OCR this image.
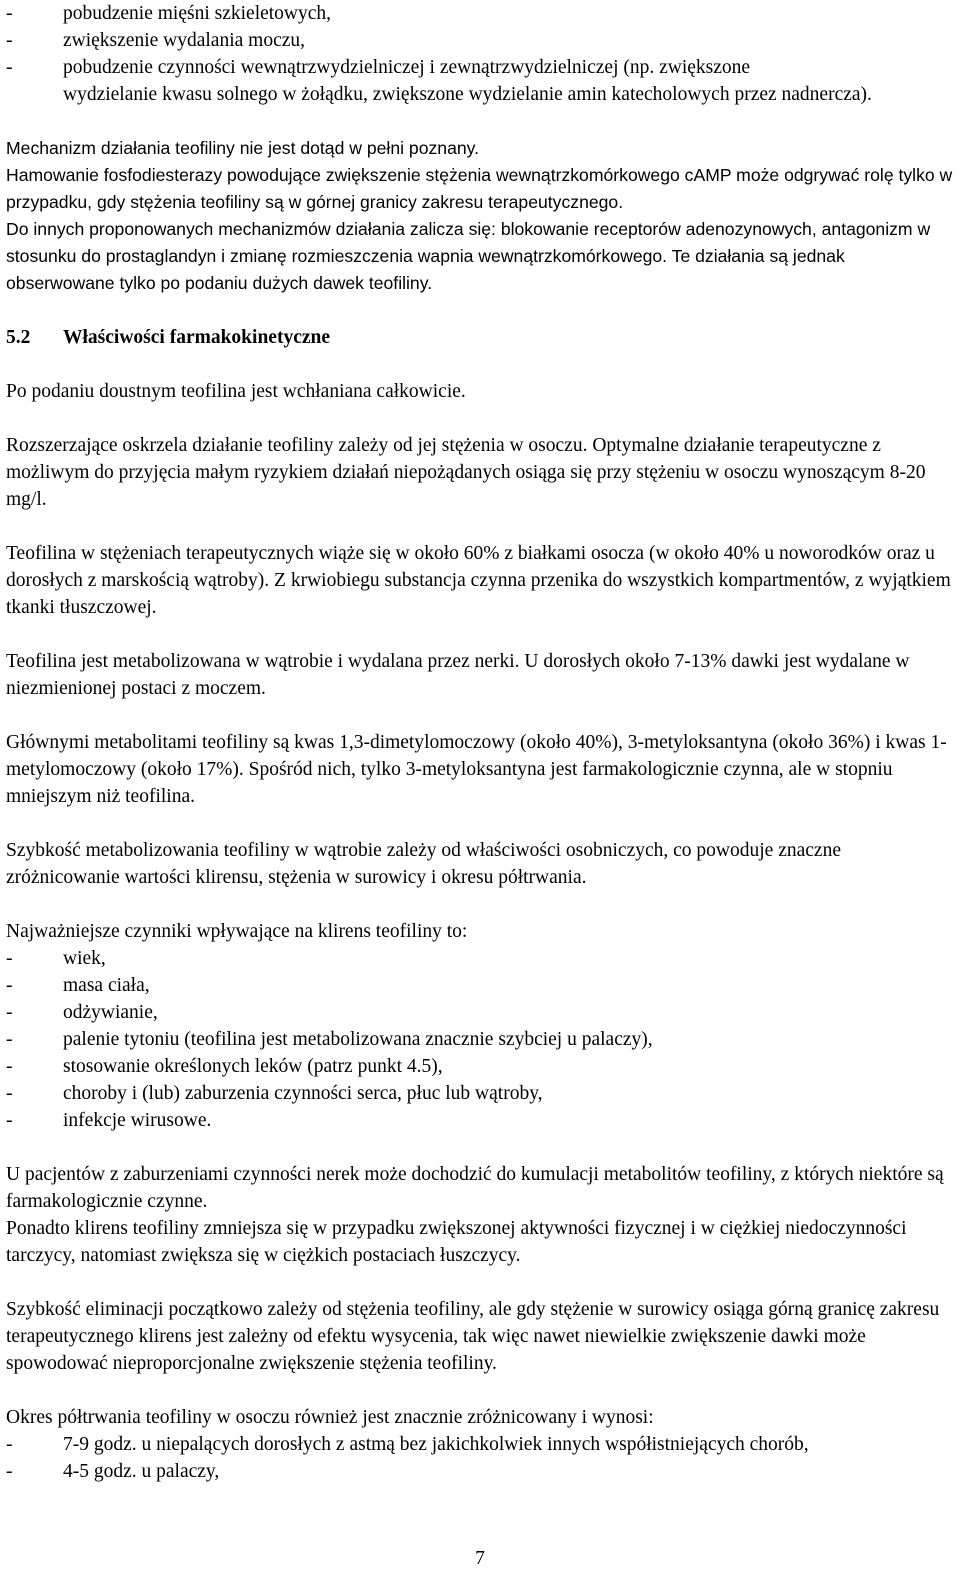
-	pobudzenie mięśni szkieletowych,
-	zwiększenie wydalania moczu,
-	pobudzenie czynności wewnątrzwydzielniczej i zewnątrzwydzielniczej (np. zwiększone

wydzielanie kwasu solnego w żołądku, zwiększone wydzielanie amin katecholowych przez nadnercza).

Mechanizm działania teofiliny nie jest dotąd w pełni poznany.

Hamowanie fosfodiesterazy powodujące zwiększenie stężenia wewnątrzkomórkowego cAMP może odgrywać rolę tylko w przypadku, gdy stężenia teofiliny są w górnej granicy zakresu terapeutycznego.

Do innych proponowanych mechanizmów działania zalicza się: blokowanie receptorów adenozynowych, antagonizm w stosunku do prostaglandyn i zmianę rozmieszczenia wapnia wewnątrzkomórkowego. Te działania są jednak obserwowane tylko po podaniu dużych dawek teofiliny.

5.2	Właściwości farmakokinetyczne

Po podaniu doustnym teofilina jest wchłaniana całkowicie.

Rozszerzające oskrzela działanie teofiliny zależy od jej stężenia w osoczu. Optymalne działanie terapeutyczne z możliwym do przyjęcia małym ryzykiem działań niepożądanych osiąga się przy stężeniu w osoczu wynoszącym 8-20 mg/l.

Teofilina w stężeniach terapeutycznych wiąże się w około 60% z białkami osocza (w około 40% u noworodków oraz u dorosłych z marskością wątroby). Z krwiobiegu substancja czynna przenika do wszystkich kompartmentów, z wyjątkiem tkanki tłuszczowej.

Teofilina jest metabolizowana w wątrobie i wydalana przez nerki. U dorosłych około 7-13% dawki jest wydalane w niezmienionej postaci z moczem.

Głównymi metabolitami teofiliny są kwas 1,3-dimetylomoczowy (około 40%), 3-metyloksantyna (około 36%) i kwas 1-metylomoczowy (około 17%). Spośród nich, tylko 3-metyloksantyna jest farmakologicznie czynna, ale w stopniu mniejszym niż teofilina.

Szybkość metabolizowania teofiliny w wątrobie zależy od właściwości osobniczych, co powoduje znaczne zróżnicowanie wartości klirensu, stężenia w surowicy i okresu półtrwania.

Najważniejsze czynniki wpływające na klirens teofiliny to:

-	wiek,
-	masa ciała,
-	odżywianie,
-	palenie tytoniu (teofilina jest metabolizowana znacznie szybciej u palaczy),
-	stosowanie określonych leków (patrz punkt 4.5),
-	choroby i (lub) zaburzenia czynności serca, płuc lub wątroby,
-	infekcje wirusowe.

U pacjentów z zaburzeniami czynności nerek może dochodzić do kumulacji metabolitów teofiliny, z których niektóre są farmakologicznie czynne.

Ponadto klirens teofiliny zmniejsza się w przypadku zwiększonej aktywności fizycznej i w ciężkiej niedoczynności tarczycy, natomiast zwiększa się w ciężkich postaciach łuszczycy.

Szybkość eliminacji początkowo zależy od stężenia teofiliny, ale gdy stężenie w surowicy osiąga górną granicę zakresu terapeutycznego klirens jest zależny od efektu wysycenia, tak więc nawet niewielkie zwiększenie dawki może spowodować nieproporcjonalne zwiększenie stężenia teofiliny.

Okres półtrwania teofiliny w osoczu również jest znacznie zróżnicowany i wynosi:

-	7-9 godz. u niepalących dorosłych z astmą bez jakichkolwiek innych współistniejących chorób,
-	4-5 godz. u palaczy,
7
